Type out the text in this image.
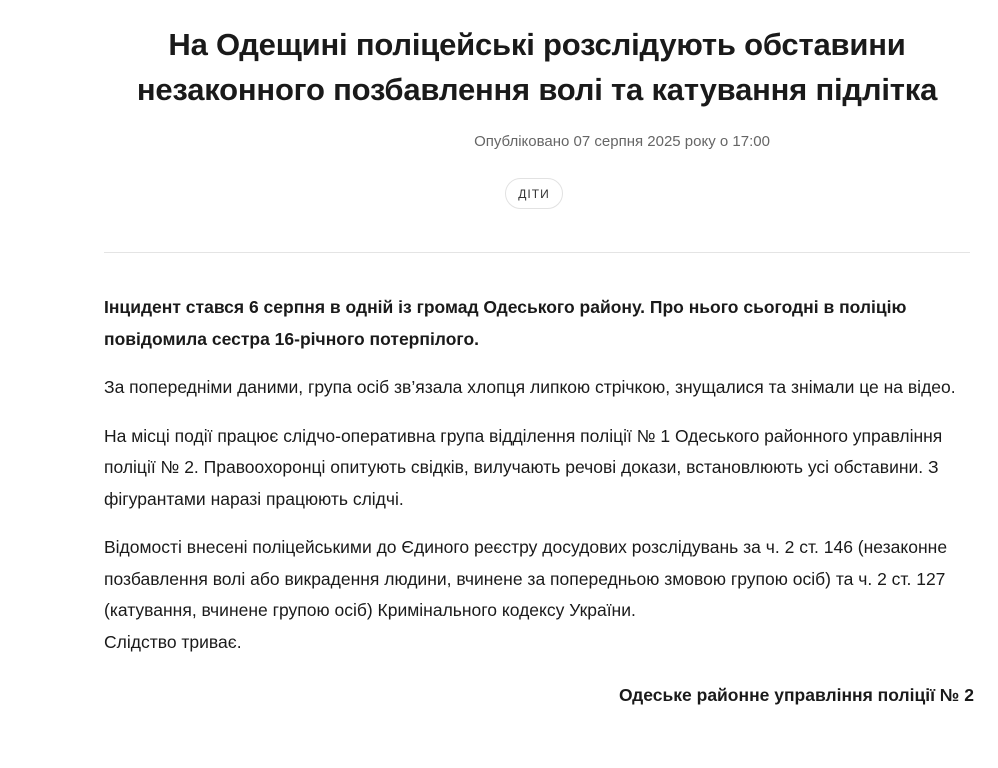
На Одещині поліцейські розслідують обставини незаконного позбавлення волі та катування підлітка
Опубліковано 07 серпня 2025 року о 17:00
ДІТИ

Інцидент стався 6 серпня в одній із громад Одеського району. Про нього сьогодні в поліцію повідомила сестра 16-річного потерпілого.

За попередніми даними, група осіб зв’язала хлопця липкою стрічкою, знущалися та знімали це на відео.

На місці події працює слідчо-оперативна група відділення поліції № 1 Одеського районного управління поліції № 2. Правоохоронці опитують свідків, вилучають речові докази, встановлюють усі обставини. З фігурантами наразі працюють слідчі.

Відомості внесені поліцейськими до Єдиного реєстру досудових розслідувань за ч. 2 ст. 146 (незаконне позбавлення волі або викрадення людини, вчинене за попередньою змовою групою осіб) та ч. 2 ст. 127 (катування, вчинене групою осіб) Кримінального кодексу України.

Слідство триває.

Одеське районне управління поліції № 2
